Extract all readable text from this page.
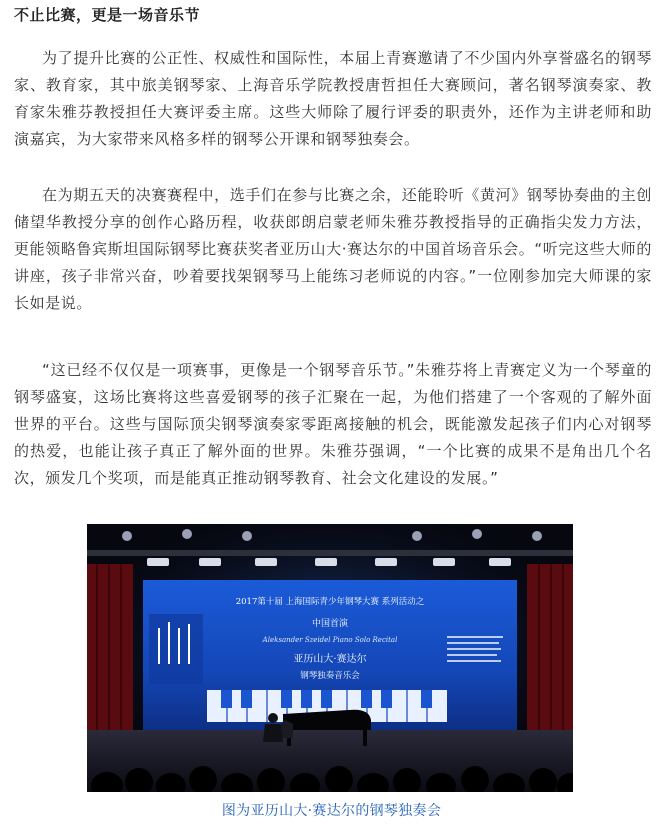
不止比赛，更是一场音乐节

为了提升比赛的公正性、权威性和国际性，本届上青赛邀请了不少国内外享誉盛名的钢琴家、教育家，其中旅美钢琴家、上海音乐学院教授唐哲担任大赛顾问，著名钢琴演奏家、教育家朱雅芬教授担任大赛评委主席。这些大师除了履行评委的职责外，还作为主讲老师和助演嘉宾，为大家带来风格多样的钢琴公开课和钢琴独奏会。

在为期五天的决赛赛程中，选手们在参与比赛之余，还能聆听《黄河》钢琴协奏曲的主创储望华教授分享的创作心路历程，收获郎朗启蒙老师朱雅芬教授指导的正确指尖发力方法，更能领略鲁宾斯坦国际钢琴比赛获奖者亚历山大·赛达尔的中国首场音乐会。“听完这些大师的讲座，孩子非常兴奋，吵着要找架钢琴马上能练习老师说的内容。”一位刚参加完大师课的家长如是说。

“这已经不仅仅是一项赛事，更像是一个钢琴音乐节。”朱雅芬将上青赛定义为一个琴童的钢琴盛宴，这场比赛将这些喜爱钢琴的孩子汇聚在一起，为他们搭建了一个客观的了解外面世界的平台。这些与国际顶尖钢琴演奏家零距离接触的机会，既能激发起孩子们内心对钢琴的热爱，也能让孩子真正了解外面的世界。朱雅芬强调，“一个比赛的成果不是角出几个名次，颁发几个奖项，而是能真正推动钢琴教育、社会文化建设的发展。”

2017第十届 上海国际青少年钢琴大赛 系列活动之
中国首演
Aleksander Szeidel Piano Solo Recital
亚历山大·赛达尔
钢琴独奏音乐会
图为亚历山大·赛达尔的钢琴独奏会
